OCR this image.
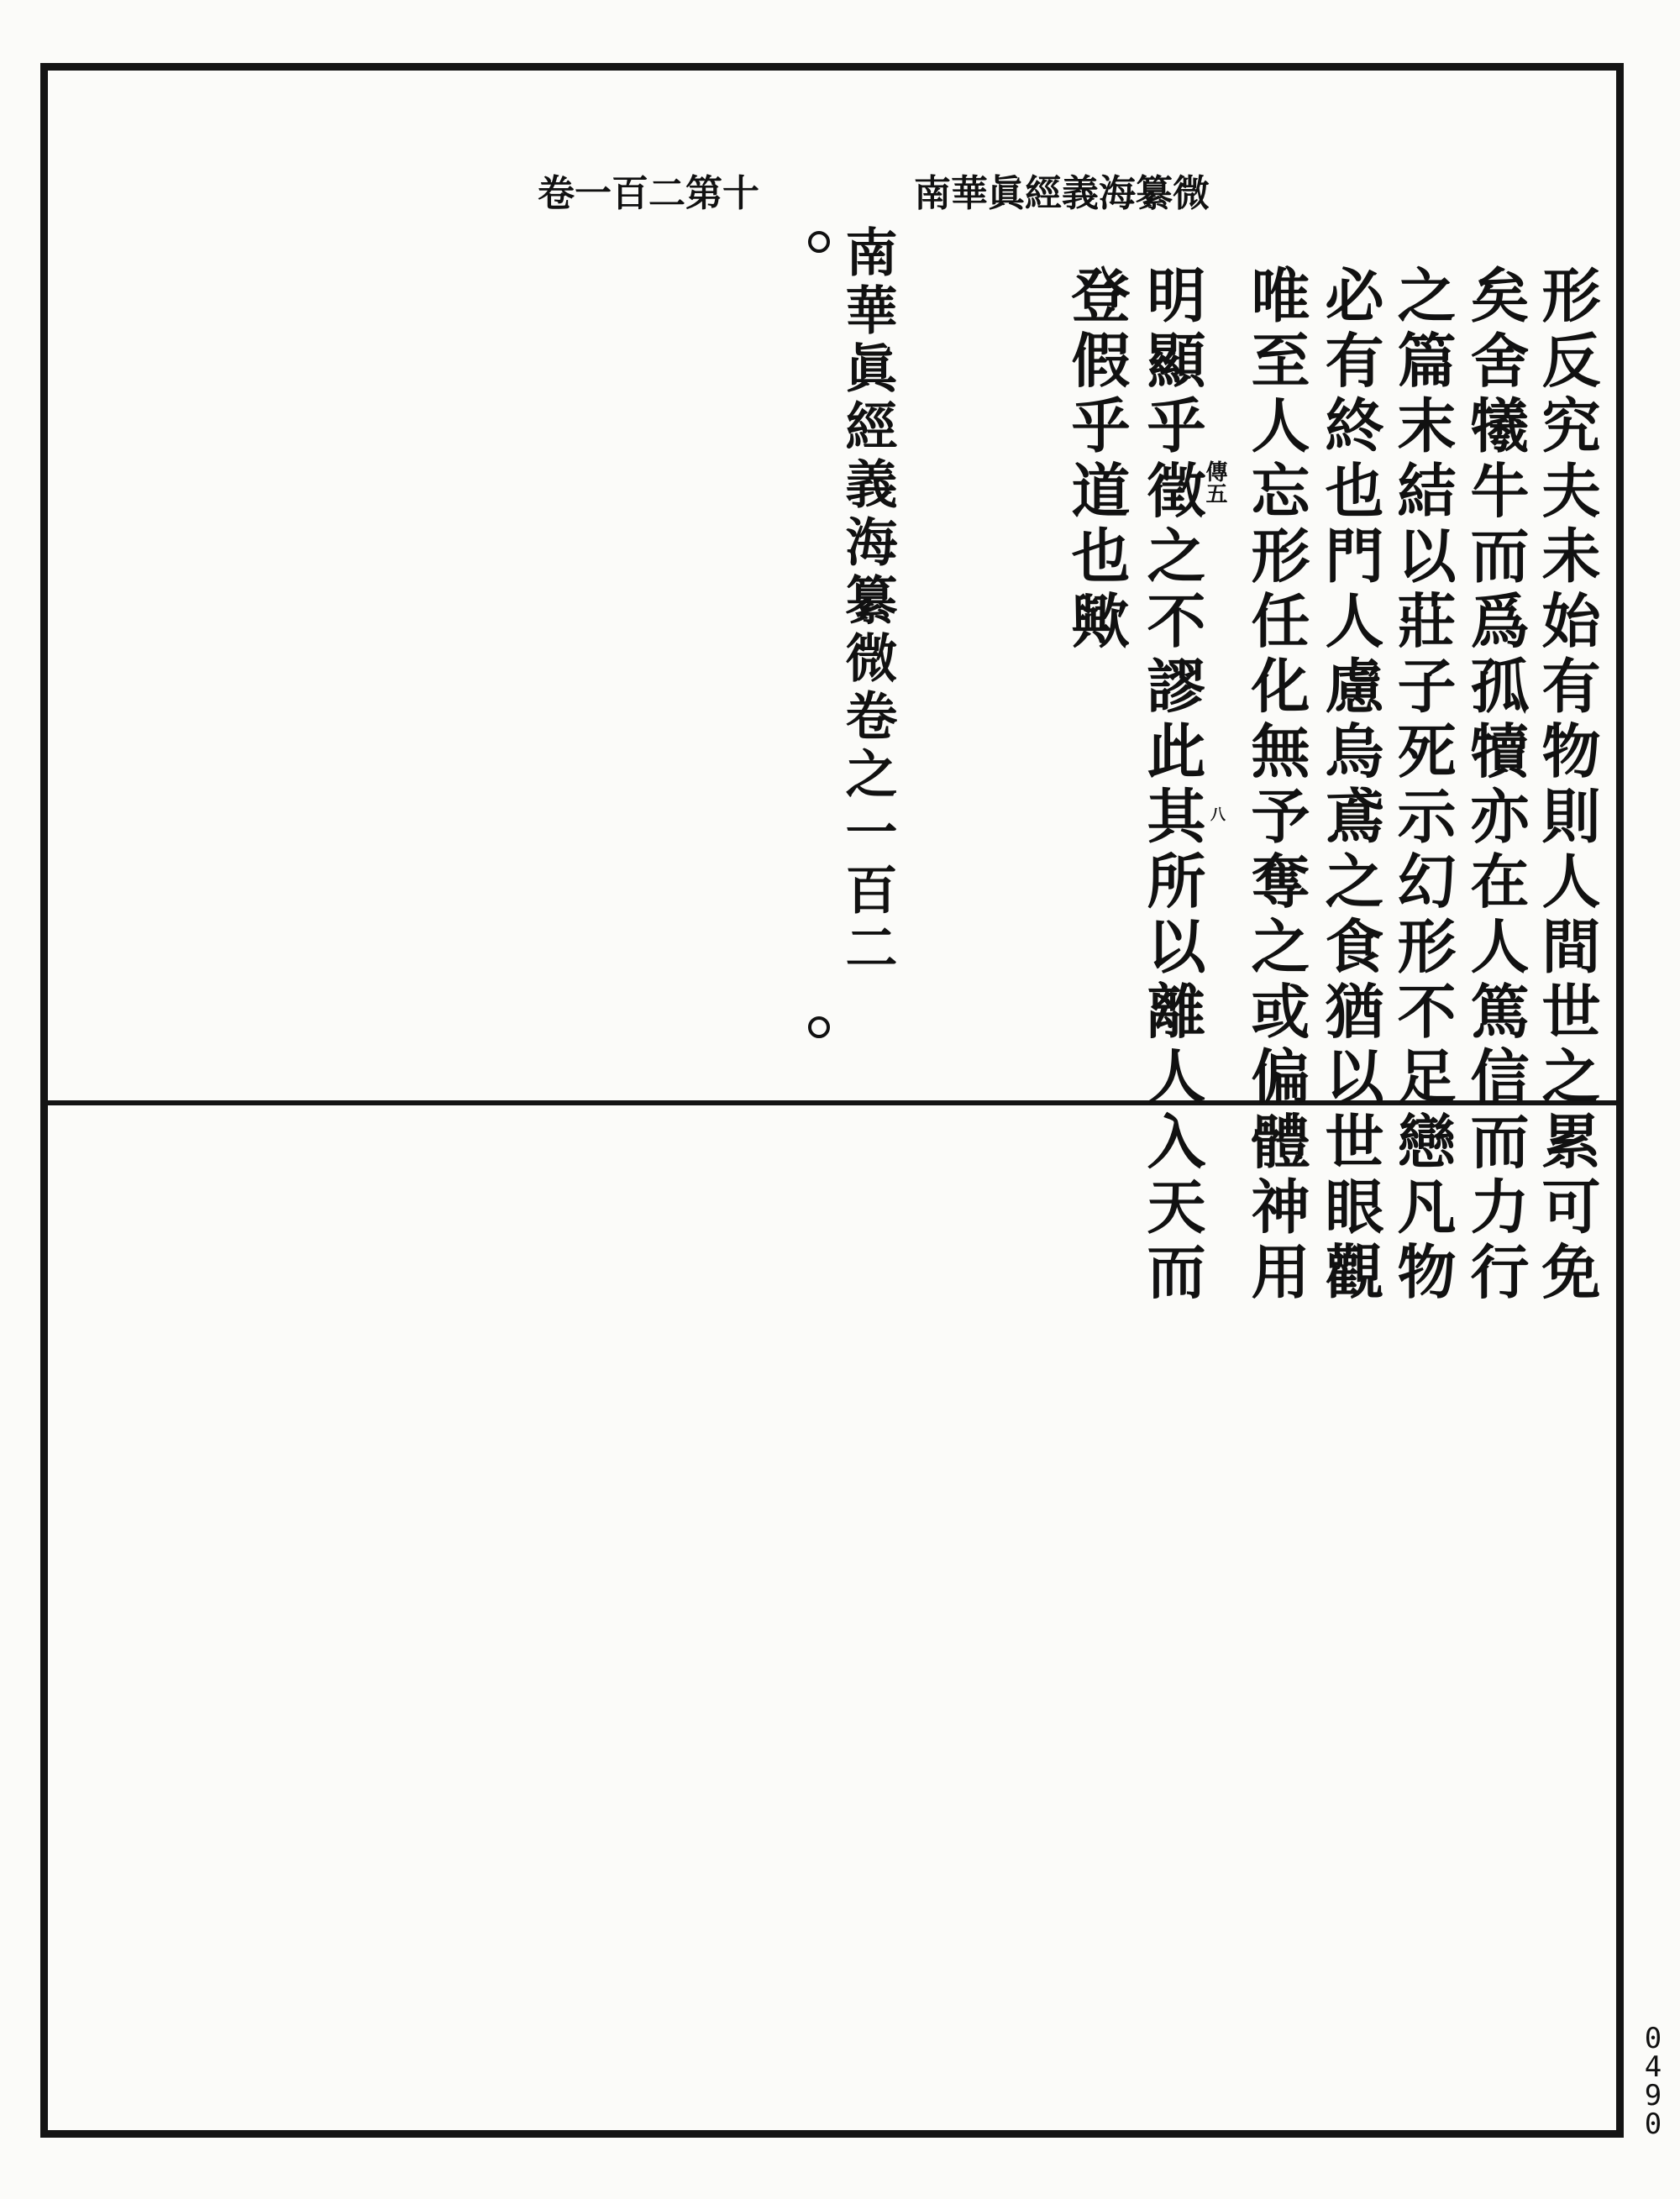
南華眞經義海纂微
卷一百二第十
形反究夫未始有物則人間世之累可免
矣舍犧牛而爲孤犢亦在人篤信而力行
之篇末結以莊子死示幻形不足戀凡物
必有終也門人慮烏鳶之食猶以世眼觀
唯至人忘形任化無予奪之或偏體神用
明顯乎徵之不謬此其所以離人入天而
登假乎道也歟	傳五
八
南華眞經義海纂微卷之一百二
0
4
9
0
